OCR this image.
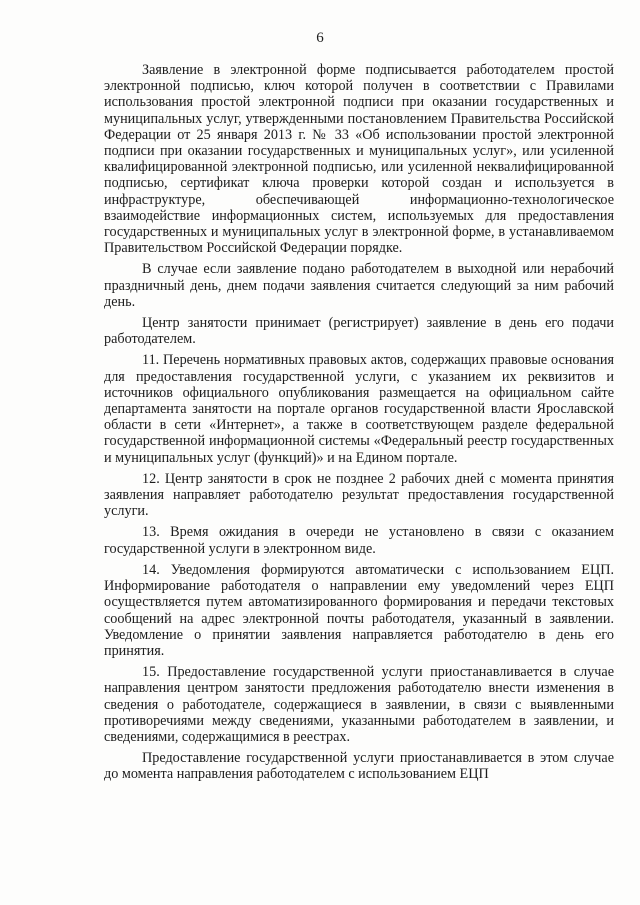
6

Заявление в электронной форме подписывается работодателем простой электронной подписью, ключ которой получен в соответствии с Правилами использования простой электронной подписи при оказании государственных и муниципальных услуг, утвержденными постановлением Правительства Российской Федерации от 25 января 2013 г. № 33 «Об использовании простой электронной подписи при оказании государственных и муниципальных услуг», или усиленной квалифицированной электронной подписью, или усиленной неквалифицированной подписью, сертификат ключа проверки которой создан и используется в инфраструктуре, обеспечивающей информационно-технологическое взаимодействие информационных систем, используемых для предоставления государственных и муниципальных услуг в электронной форме, в устанавливаемом Правительством Российской Федерации порядке.

В случае если заявление подано работодателем в выходной или нерабочий праздничный день, днем подачи заявления считается следующий за ним рабочий день.

Центр занятости принимает (регистрирует) заявление в день его подачи работодателем.

11. Перечень нормативных правовых актов, содержащих правовые основания для предоставления государственной услуги, с указанием их реквизитов и источников официального опубликования размещается на официальном сайте департамента занятости на портале органов государственной власти Ярославской области в сети «Интернет», а также в соответствующем разделе федеральной государственной информационной системы «Федеральный реестр государственных и муниципальных услуг (функций)» и на Едином портале.

12. Центр занятости в срок не позднее 2 рабочих дней с момента принятия заявления направляет работодателю результат предоставления государственной услуги.

13. Время ожидания в очереди не установлено в связи с оказанием государственной услуги в электронном виде.

14. Уведомления формируются автоматически с использованием ЕЦП. Информирование работодателя о направлении ему уведомлений через ЕЦП осуществляется путем автоматизированного формирования и передачи текстовых сообщений на адрес электронной почты работодателя, указанный в заявлении. Уведомление о принятии заявления направляется работодателю в день его принятия.

15. Предоставление государственной услуги приостанавливается в случае направления центром занятости предложения работодателю внести изменения в сведения о работодателе, содержащиеся в заявлении, в связи с выявленными противоречиями между сведениями, указанными работодателем в заявлении, и сведениями, содержащимися в реестрах.

Предоставление государственной услуги приостанавливается в этом случае до момента направления работодателем с использованием ЕЦП
